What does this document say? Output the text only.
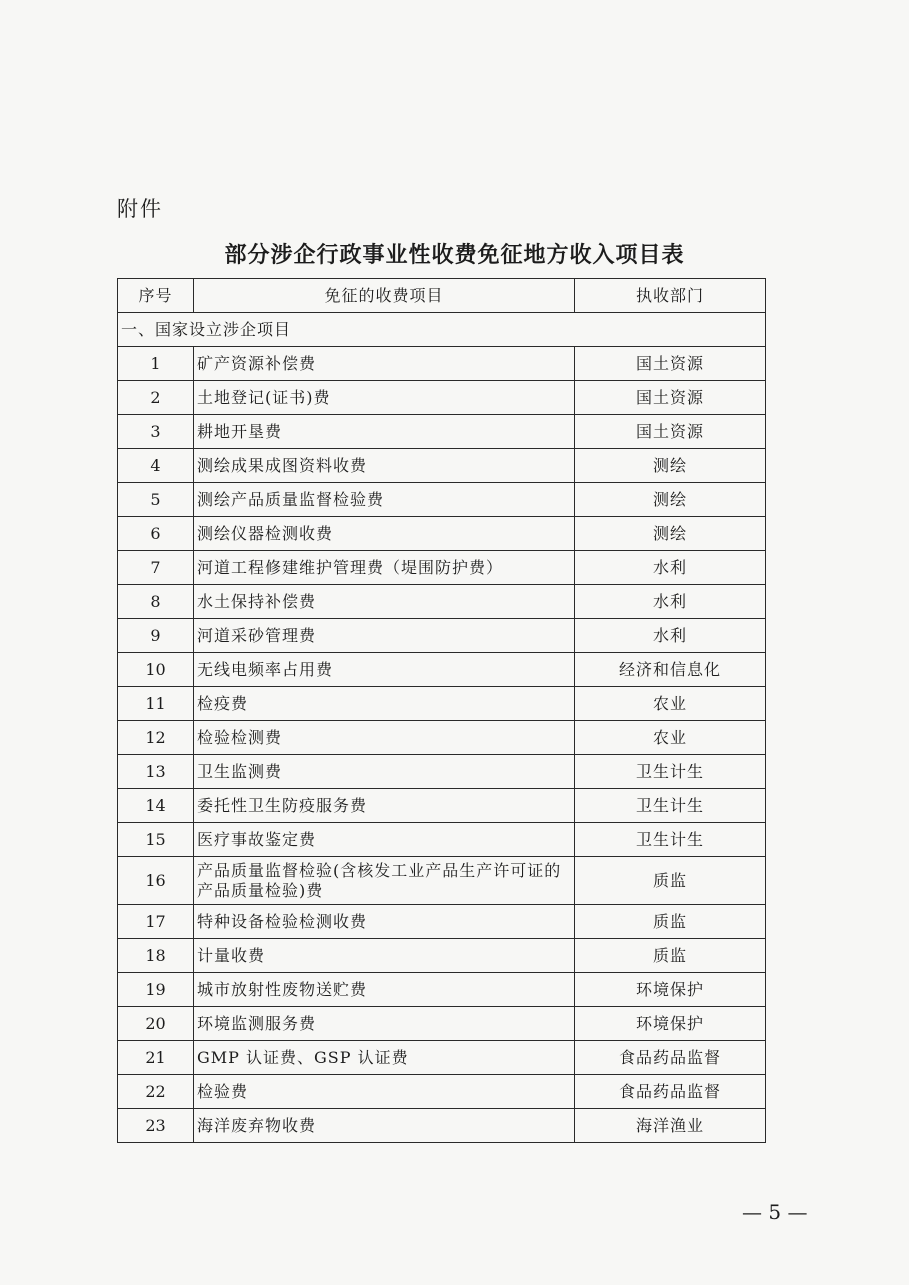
附件
部分涉企行政事业性收费免征地方收入项目表
序号	免征的收费项目	执收部门
一、国家设立涉企项目		
1	矿产资源补偿费	国土资源
2	土地登记(证书)费	国土资源
3	耕地开垦费	国土资源
4	测绘成果成图资料收费	测绘
5	测绘产品质量监督检验费	测绘
6	测绘仪器检测收费	测绘
7	河道工程修建维护管理费（堤围防护费）	水利
8	水土保持补偿费	水利
9	河道采砂管理费	水利
10	无线电频率占用费	经济和信息化
11	检疫费	农业
12	检验检测费	农业
13	卫生监测费	卫生计生
14	委托性卫生防疫服务费	卫生计生
15	医疗事故鉴定费	卫生计生
16	产品质量监督检验(含核发工业产品生产许可证的产品质量检验)费	质监
17	特种设备检验检测收费	质监
18	计量收费	质监
19	城市放射性废物送贮费	环境保护
20	环境监测服务费	环境保护
21	GMP 认证费、GSP 认证费	食品药品监督
22	检验费	食品药品监督
23	海洋废弃物收费	海洋渔业
— 5 —
